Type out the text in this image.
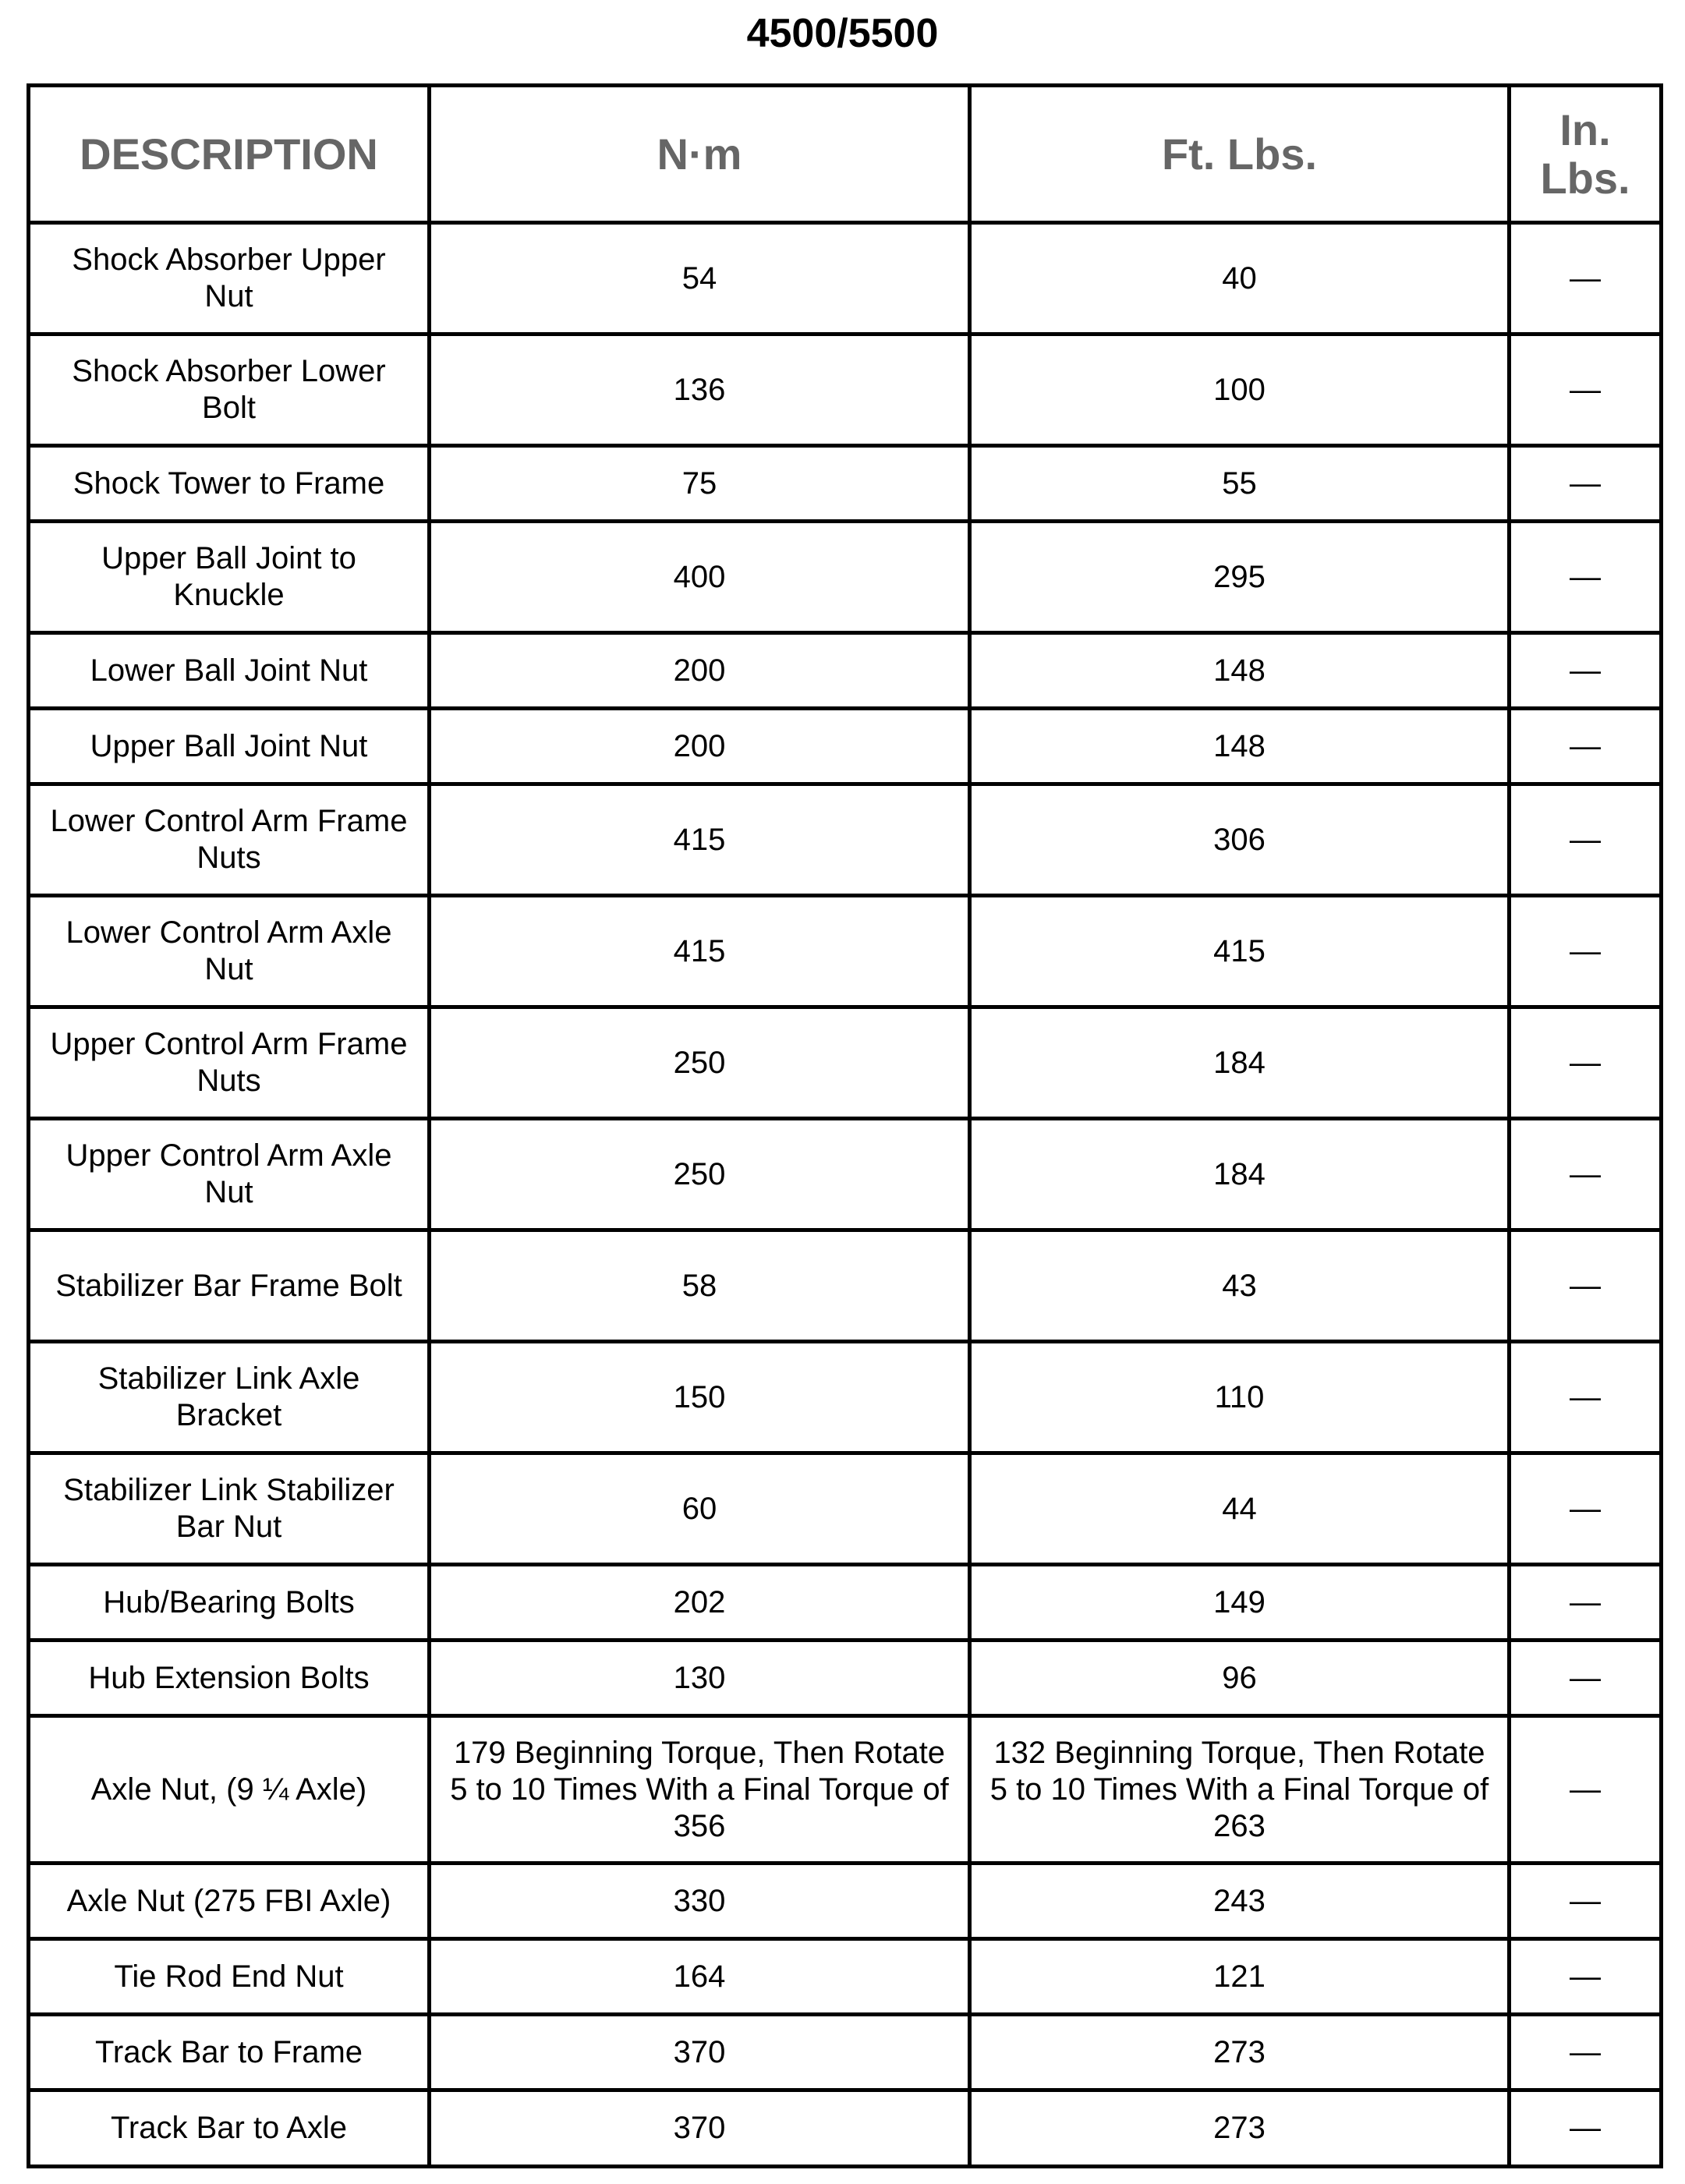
4500/5500
DESCRIPTION	N·m	Ft. Lbs.	In. Lbs.
Shock Absorber Upper Nut	54	40	—
Shock Absorber Lower Bolt	136	100	—
Shock Tower to Frame	75	55	—
Upper Ball Joint to Knuckle	400	295	—
Lower Ball Joint Nut	200	148	—
Upper Ball Joint Nut	200	148	—
Lower Control Arm Frame Nuts	415	306	—
Lower Control Arm Axle Nut	415	415	—
Upper Control Arm Frame Nuts	250	184	—
Upper Control Arm Axle Nut	250	184	—
Stabilizer Bar Frame Bolt	58	43	—
Stabilizer Link Axle Bracket	150	110	—
Stabilizer Link Stabilizer Bar Nut	60	44	—
Hub/Bearing Bolts	202	149	—
Hub Extension Bolts	130	96	—
Axle Nut, (9 ¼ Axle)	179 Beginning Torque, Then Rotate 5 to 10 Times With a Final Torque of 356	132 Beginning Torque, Then Rotate 5 to 10 Times With a Final Torque of 263	—
Axle Nut (275 FBI Axle)	330	243	—
Tie Rod End Nut	164	121	—
Track Bar to Frame	370	273	—
Track Bar to Axle	370	273	—
